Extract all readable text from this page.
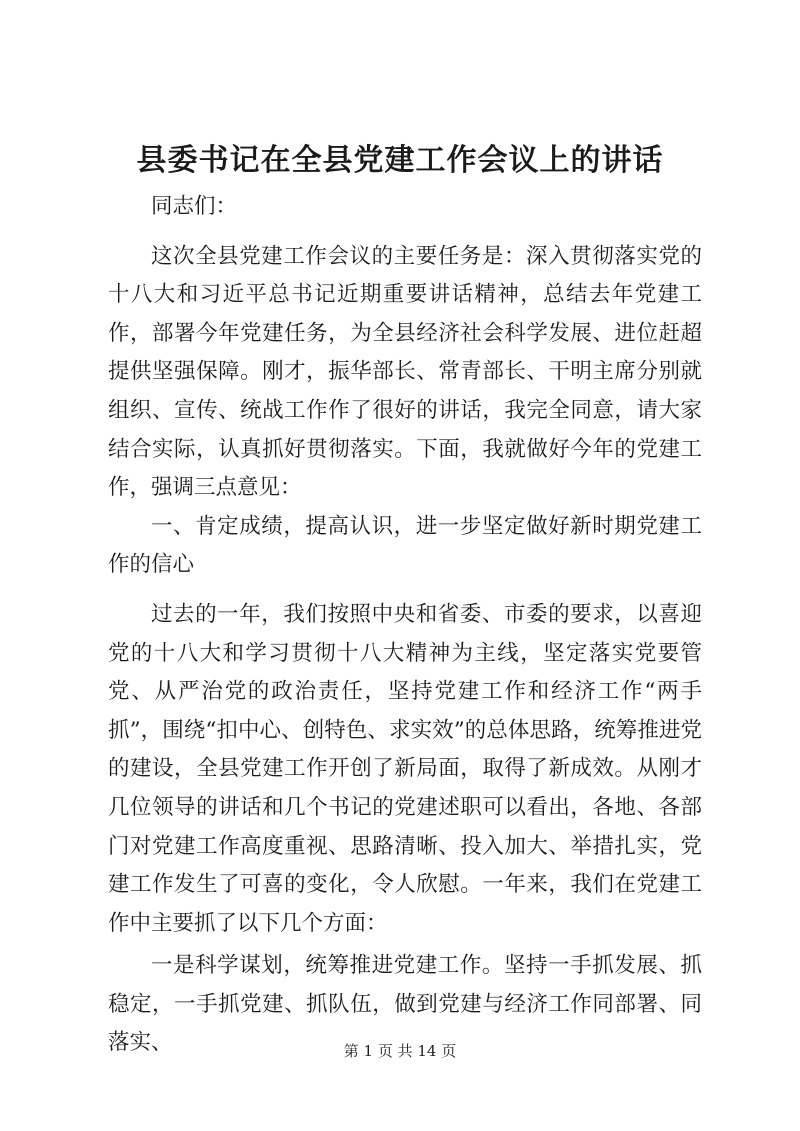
县委书记在全县党建工作会议上的讲话

同志们：

这次全县党建工作会议的主要任务是：深入贯彻落实党的十八大和习近平总书记近期重要讲话精神，总结去年党建工作，部署今年党建任务，为全县经济社会科学发展、进位赶超提供坚强保障。刚才，振华部长、常青部长、干明主席分别就组织、宣传、统战工作作了很好的讲话，我完全同意，请大家结合实际，认真抓好贯彻落实。下面，我就做好今年的党建工作，强调三点意见：

一、肯定成绩，提高认识，进一步坚定做好新时期党建工作的信心

过去的一年，我们按照中央和省委、市委的要求，以喜迎党的十八大和学习贯彻十八大精神为主线，坚定落实党要管党、从严治党的政治责任，坚持党建工作和经济工作“两手抓”，围绕“扣中心、创特色、求实效”的总体思路，统筹推进党的建设，全县党建工作开创了新局面，取得了新成效。从刚才几位领导的讲话和几个书记的党建述职可以看出，各地、各部门对党建工作高度重视、思路清晰、投入加大、举措扎实，党建工作发生了可喜的变化，令人欣慰。一年来，我们在党建工作中主要抓了以下几个方面：

一是科学谋划，统筹推进党建工作。坚持一手抓发展、抓稳定，一手抓党建、抓队伍，做到党建与经济工作同部署、同落实、	第 1 页 共 14 页
